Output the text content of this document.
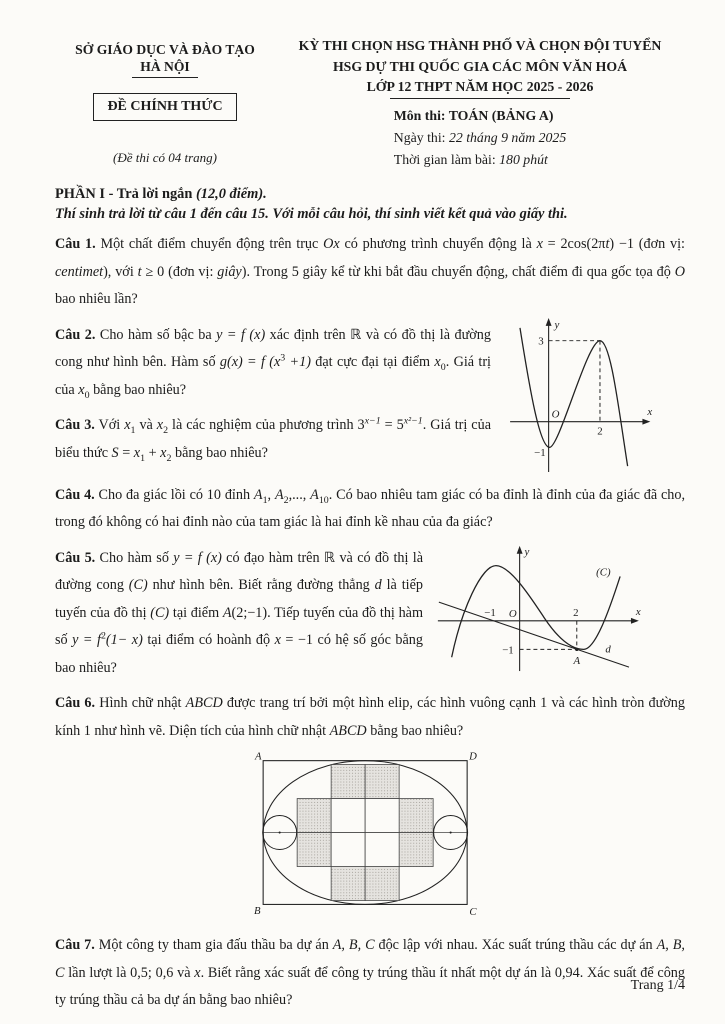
SỞ GIÁO DỤC VÀ ĐÀO TẠO
HÀ NỘI
ĐỀ CHÍNH THỨC
(Đề thi có 04 trang)
KỲ THI CHỌN HSG THÀNH PHỐ VÀ CHỌN ĐỘI TUYỂN
HSG DỰ THI QUỐC GIA CÁC MÔN VĂN HOÁ
LỚP 12 THPT NĂM HỌC 2025 - 2026
Môn thi: TOÁN (BẢNG A)
Ngày thi: 22 tháng 9 năm 2025
Thời gian làm bài: 180 phút
PHẦN I - Trả lời ngắn (12,0 điểm).
Thí sinh trả lời từ câu 1 đến câu 15. Với mỗi câu hỏi, thí sinh viết kết quả vào giấy thi.

Câu 1. Một chất điểm chuyển động trên trục Ox có phương trình chuyển động là x = 2cos(2πt) −1 (đơn vị: centimet), với t ≥ 0 (đơn vị: giây). Trong 5 giây kể từ khi bắt đầu chuyển động, chất điểm đi qua gốc tọa độ O bao nhiêu lần?

y
x
O
3
2
−1

Câu 2. Cho hàm số bậc ba y = f (x) xác định trên ℝ và có đồ thị là đường cong như hình bên. Hàm số g(x) = f $(x^3 +1)$ đạt cực đại tại điểm $x_0$. Giá trị của $x_0$ bằng bao nhiêu?

Câu 3. Với $x_1$ và $x_2$ là các nghiệm của phương trình $3^{x-1} = 5^{x^2-1}$. Giá trị của biểu thức $S = x_1 + x_2$ bằng bao nhiêu?

Câu 4. Cho đa giác lồi có 10 đỉnh $A_1$, $A_2$,..., $A_{10}$. Có bao nhiêu tam giác có ba đỉnh là đỉnh của đa giác đã cho, trong đó không có hai đỉnh nào của tam giác là hai đỉnh kề nhau của đa giác?

y
x
O
−1	2
−1
A
d
(C)

Câu 5. Cho hàm số y = f (x) có đạo hàm trên ℝ và có đồ thị là đường cong (C) như hình bên. Biết rằng đường thẳng d là tiếp tuyến của đồ thị (C) tại điểm A(2;−1). Tiếp tuyến của đồ thị hàm số $y = f^2(1- x)$ tại điểm có hoành độ x = −1 có hệ số góc bằng bao nhiêu?

Câu 6. Hình chữ nhật ABCD được trang trí bởi một hình elip, các hình vuông cạnh 1 và các hình tròn đường kính 1 như hình vẽ. Diện tích của hình chữ nhật ABCD bằng bao nhiêu?

A	D
B	C

Câu 7. Một công ty tham gia đấu thầu ba dự án A, B, C độc lập với nhau. Xác suất trúng thầu các dự án A, B, C lần lượt là 0,5; 0,6 và x. Biết rằng xác suất để công ty trúng thầu ít nhất một dự án là 0,94. Xác suất để công ty trúng thầu cả ba dự án bằng bao nhiêu?

Trang 1/4
